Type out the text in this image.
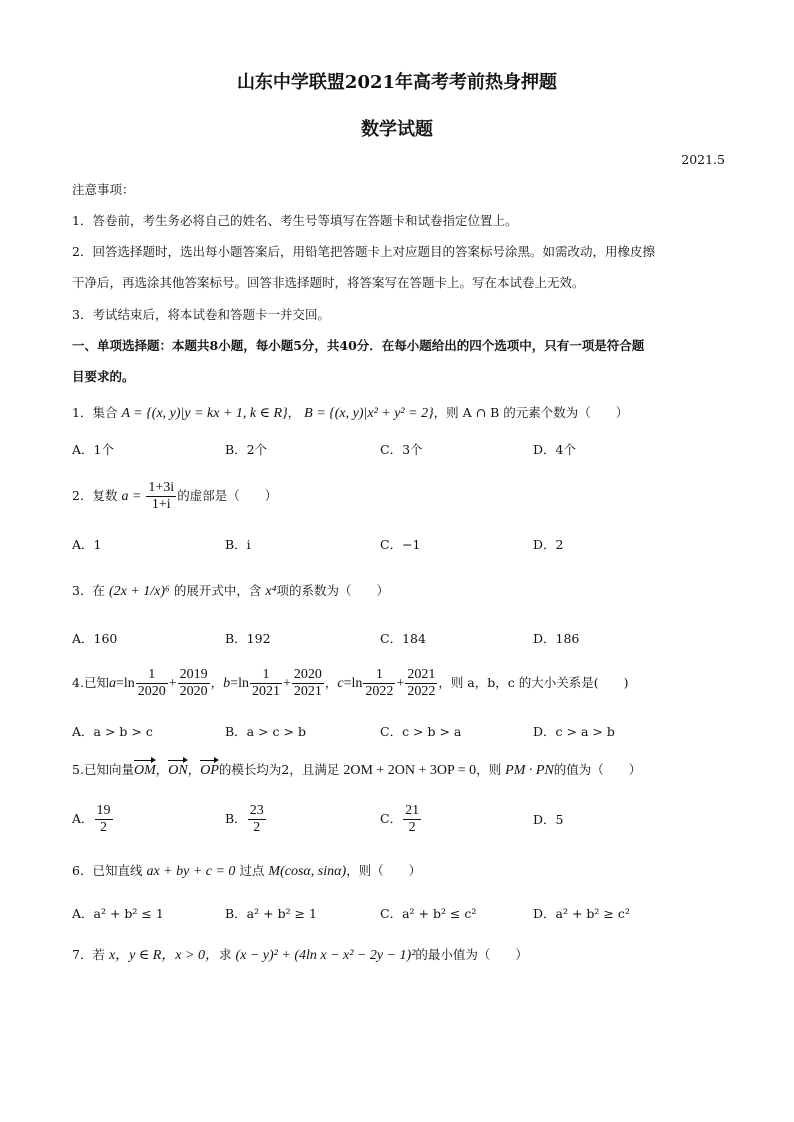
山东中学联盟2021年高考考前热身押题
数学试题
2021.5
注意事项：
1．答卷前，考生务必将自己的姓名、考生号等填写在答题卡和试卷指定位置上。
2．回答选择题时，选出每小题答案后，用铅笔把答题卡上对应题目的答案标号涂黑。如需改动，用橡皮擦
干净后，再选涂其他答案标号。回答非选择题时，将答案写在答题卡上。写在本试卷上无效。
3．考试结束后，将本试卷和答题卡一并交回。
一、单项选择题：本题共8小题，每小题5分，共40分．在每小题给出的四个选项中，只有一项是符合题
目要求的。
1．集合 A = {(x, y)|y = kx + 1, k ∈ R}， B = {(x, y)|x² + y² = 2}，则 A ∩ B 的元素个数为（　　）
A．1个	B．2个	C．3个	D．4个
2．复数 $a = \frac{1+3i}{1+i}$ 的虚部是（　　）
A．1	B．i	C．−1	D．2
3．在 (2x + 1/x)⁶ 的展开式中，含 x⁴项的系数为（　　）
A．160	B．192	C．184	D．186
4.已知$a=\ln \frac{1}{2020} + \frac{2019}{2020}$ ，$b=\ln \frac{1}{2021} + \frac{2020}{2021}$ ，$c=\ln \frac{1}{2022} + \frac{2021}{2022}$ ，则 a，b，c 的大小关系是(　　)
A．a > b > c	B．a > c > b	C．c > b > a	D．c > a > b
5.已知向量OM，ON，OP的模长均为2，且满足 2OM + 2ON + 3OP = 0，则 PM · PN的值为（　　）
A． $\frac{19}{2}$	B． $\frac{23}{2}$	C． $\frac{21}{2}$	D．5
6．已知直线 ax + by + c = 0 过点 M(cosα, sinα)，则（　　）
A．a² + b² ≤ 1	B．a² + b² ≥ 1	C．a² + b² ≤ c²	D．a² + b² ≥ c²
7．若 x，y ∈ R，x > 0，求 (x − y)² + (4ln x − x² − 2y − 1)²的最小值为（　　）
